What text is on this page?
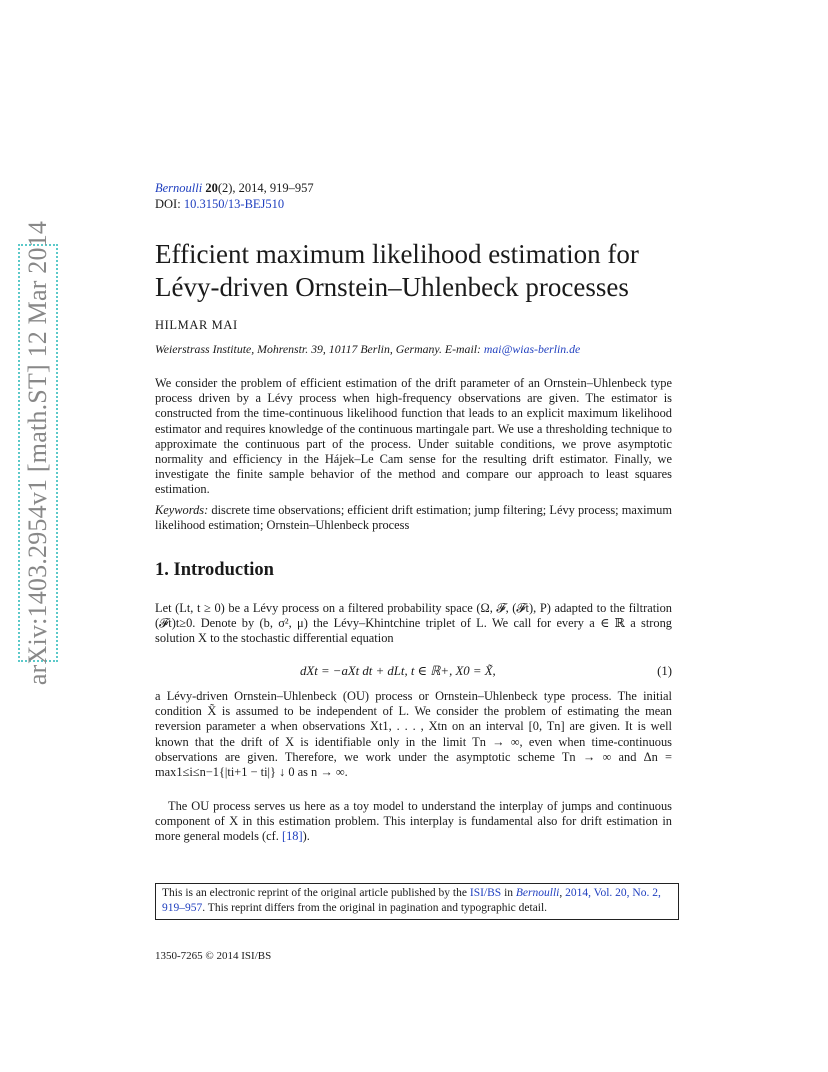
arXiv:1403.2954v1 [math.ST] 12 Mar 2014
Bernoulli 20(2), 2014, 919–957
DOI: 10.3150/13-BEJ510
Efficient maximum likelihood estimation for
Lévy-driven Ornstein–Uhlenbeck processes
HILMAR MAI
Weierstrass Institute, Mohrenstr. 39, 10117 Berlin, Germany. E-mail: mai@wias-berlin.de
We consider the problem of efficient estimation of the drift parameter of an Ornstein–Uhlenbeck type process driven by a Lévy process when high-frequency observations are given. The estimator is constructed from the time-continuous likelihood function that leads to an explicit maximum likelihood estimator and requires knowledge of the continuous martingale part. We use a thresholding technique to approximate the continuous part of the process. Under suitable conditions, we prove asymptotic normality and efficiency in the Hájek–Le Cam sense for the resulting drift estimator. Finally, we investigate the finite sample behavior of the method and compare our approach to least squares estimation.
Keywords: discrete time observations; efficient drift estimation; jump filtering; Lévy process; maximum likelihood estimation; Ornstein–Uhlenbeck process
1. Introduction
Let (Lt, t ≥ 0) be a Lévy process on a filtered probability space (Ω, 𝓕, (𝓕t), P) adapted to the filtration (𝓕t)t≥0. Denote by (b, σ², μ) the Lévy–Khintchine triplet of L. We call for every a ∈ ℝ a strong solution X to the stochastic differential equation
dXt = −aXt dt + dLt, t ∈ ℝ+, X0 = X̃,	(1)
a Lévy-driven Ornstein–Uhlenbeck (OU) process or Ornstein–Uhlenbeck type process. The initial condition X̃ is assumed to be independent of L. We consider the problem of estimating the mean reversion parameter a when observations Xt1, . . . , Xtn on an interval [0, Tn] are given. It is well known that the drift of X is identifiable only in the limit Tn → ∞, even when time-continuous observations are given. Therefore, we work under the asymptotic scheme Tn → ∞ and Δn = max1≤i≤n−1{|ti+1 − ti|} ↓ 0 as n → ∞.
The OU process serves us here as a toy model to understand the interplay of jumps and continuous component of X in this estimation problem. This interplay is fundamental also for drift estimation in more general models (cf. [18]).
This is an electronic reprint of the original article published by the ISI/BS in Bernoulli, 2014, Vol. 20, No. 2, 919–957. This reprint differs from the original in pagination and typographic detail.
1350-7265 © 2014 ISI/BS
